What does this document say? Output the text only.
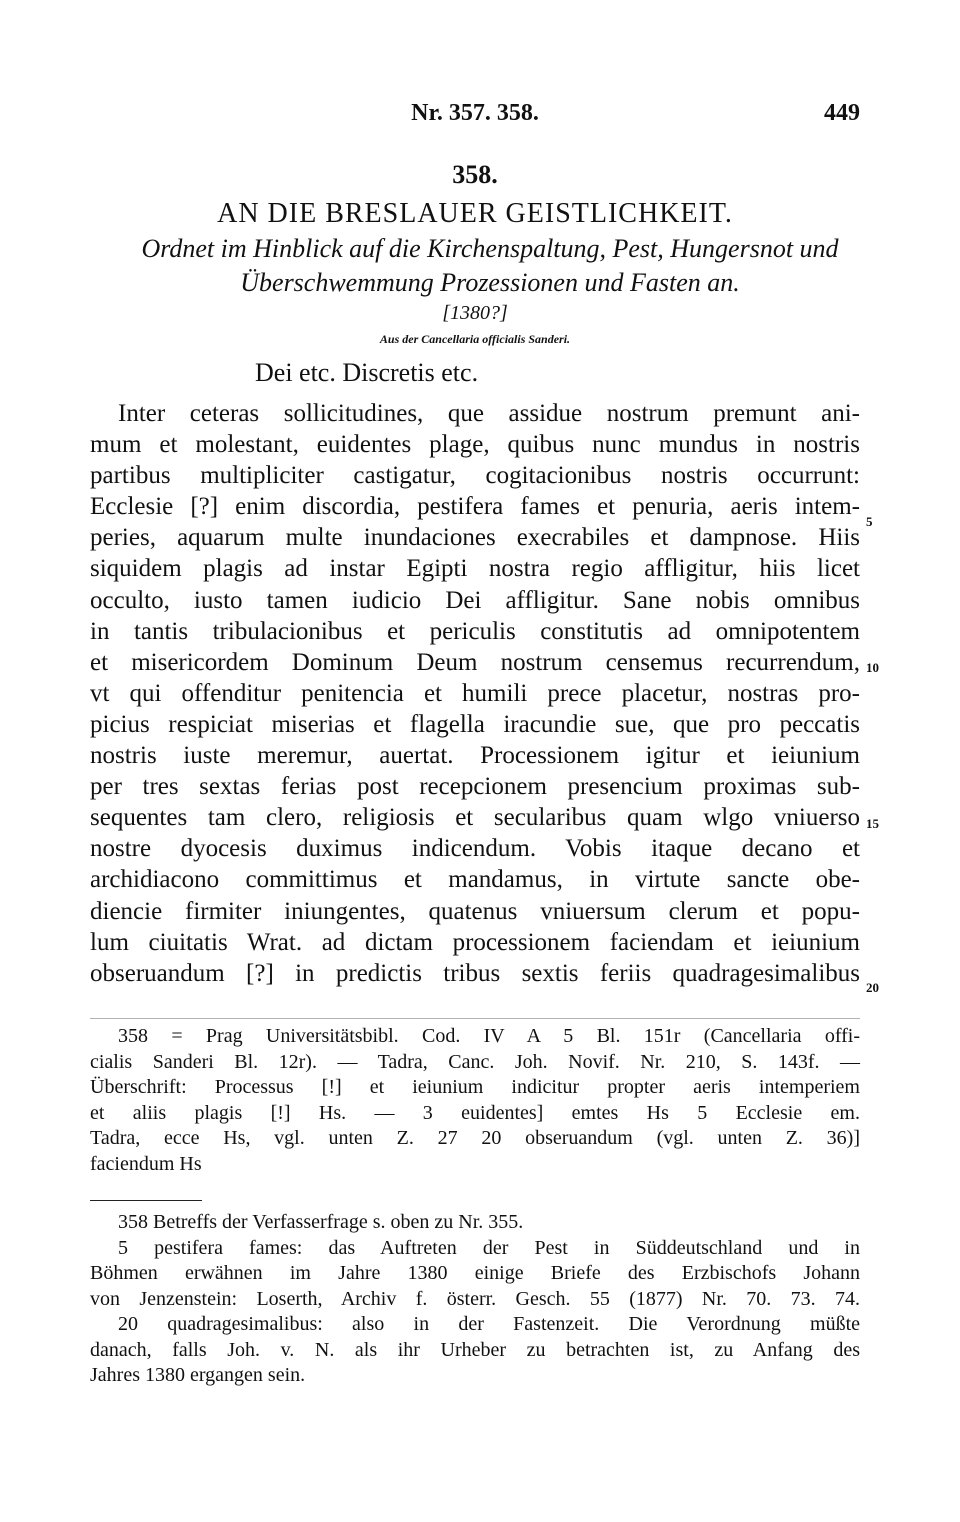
Nr. 357. 358.	449
358.
AN DIE BRESLAUER GEISTLICHKEIT.
Ordnet im Hinblick auf die Kirchenspaltung, Pest, Hungersnot und
Überschwemmung Prozessionen und Fasten an.
[1380?]
Aus der Cancellaria officialis Sanderi.
Dei etc. Discretis etc.
Inter ceteras sollicitudines, que assidue nostrum premunt ani-
mum et molestant, euidentes plage, quibus nunc mundus in nostris
partibus multipliciter castigatur, cogitacionibus nostris occurrunt:
Ecclesie [?] enim discordia, pestifera fames et penuria, aeris intem-
peries, aquarum multe inundaciones execrabiles et dampnose. Hiis
siquidem plagis ad instar Egipti nostra regio affligitur, hiis licet
occulto, iusto tamen iudicio Dei affligitur. Sane nobis omnibus
in tantis tribulacionibus et periculis constitutis ad omnipotentem
et misericordem Dominum Deum nostrum censemus recurrendum,
vt qui offenditur penitencia et humili prece placetur, nostras pro-
picius respiciat miserias et flagella iracundie sue, que pro peccatis
nostris iuste meremur, auertat. Processionem igitur et ieiunium
per tres sextas ferias post recepcionem presencium proximas sub-
sequentes tam clero, religiosis et secularibus quam wlgo vniuerso
nostre dyocesis duximus indicendum. Vobis itaque decano et
archidiacono committimus et mandamus, in virtute sancte obe-
diencie firmiter iniungentes, quatenus vniuersum clerum et popu-
lum ciuitatis Wrat. ad dictam processionem faciendam et ieiunium
obseruandum [?] in predictis tribus sextis feriis quadragesimalibus
5
10
15
20
358 = Prag Universitätsbibl. Cod. IV A 5 Bl. 151r (Cancellaria offi-
cialis Sanderi Bl. 12r). — Tadra, Canc. Joh. Novif. Nr. 210, S. 143f. —
Überschrift: Processus [!] et ieiunium indicitur propter aeris intemperiem
et aliis plagis [!] Hs. — 3 euidentes] emtes Hs 5 Ecclesie em.
Tadra, ecce Hs, vgl. unten Z. 27 20 obseruandum (vgl. unten Z. 36)]
faciendum Hs
358 Betreffs der Verfasserfrage s. oben zu Nr. 355.
5 pestifera fames: das Auftreten der Pest in Süddeutschland und in
Böhmen erwähnen im Jahre 1380 einige Briefe des Erzbischofs Johann
von Jenzenstein: Loserth, Archiv f. österr. Gesch. 55 (1877) Nr. 70. 73. 74.
20 quadragesimalibus: also in der Fastenzeit. Die Verordnung müßte
danach, falls Joh. v. N. als ihr Urheber zu betrachten ist, zu Anfang des
Jahres 1380 ergangen sein.
